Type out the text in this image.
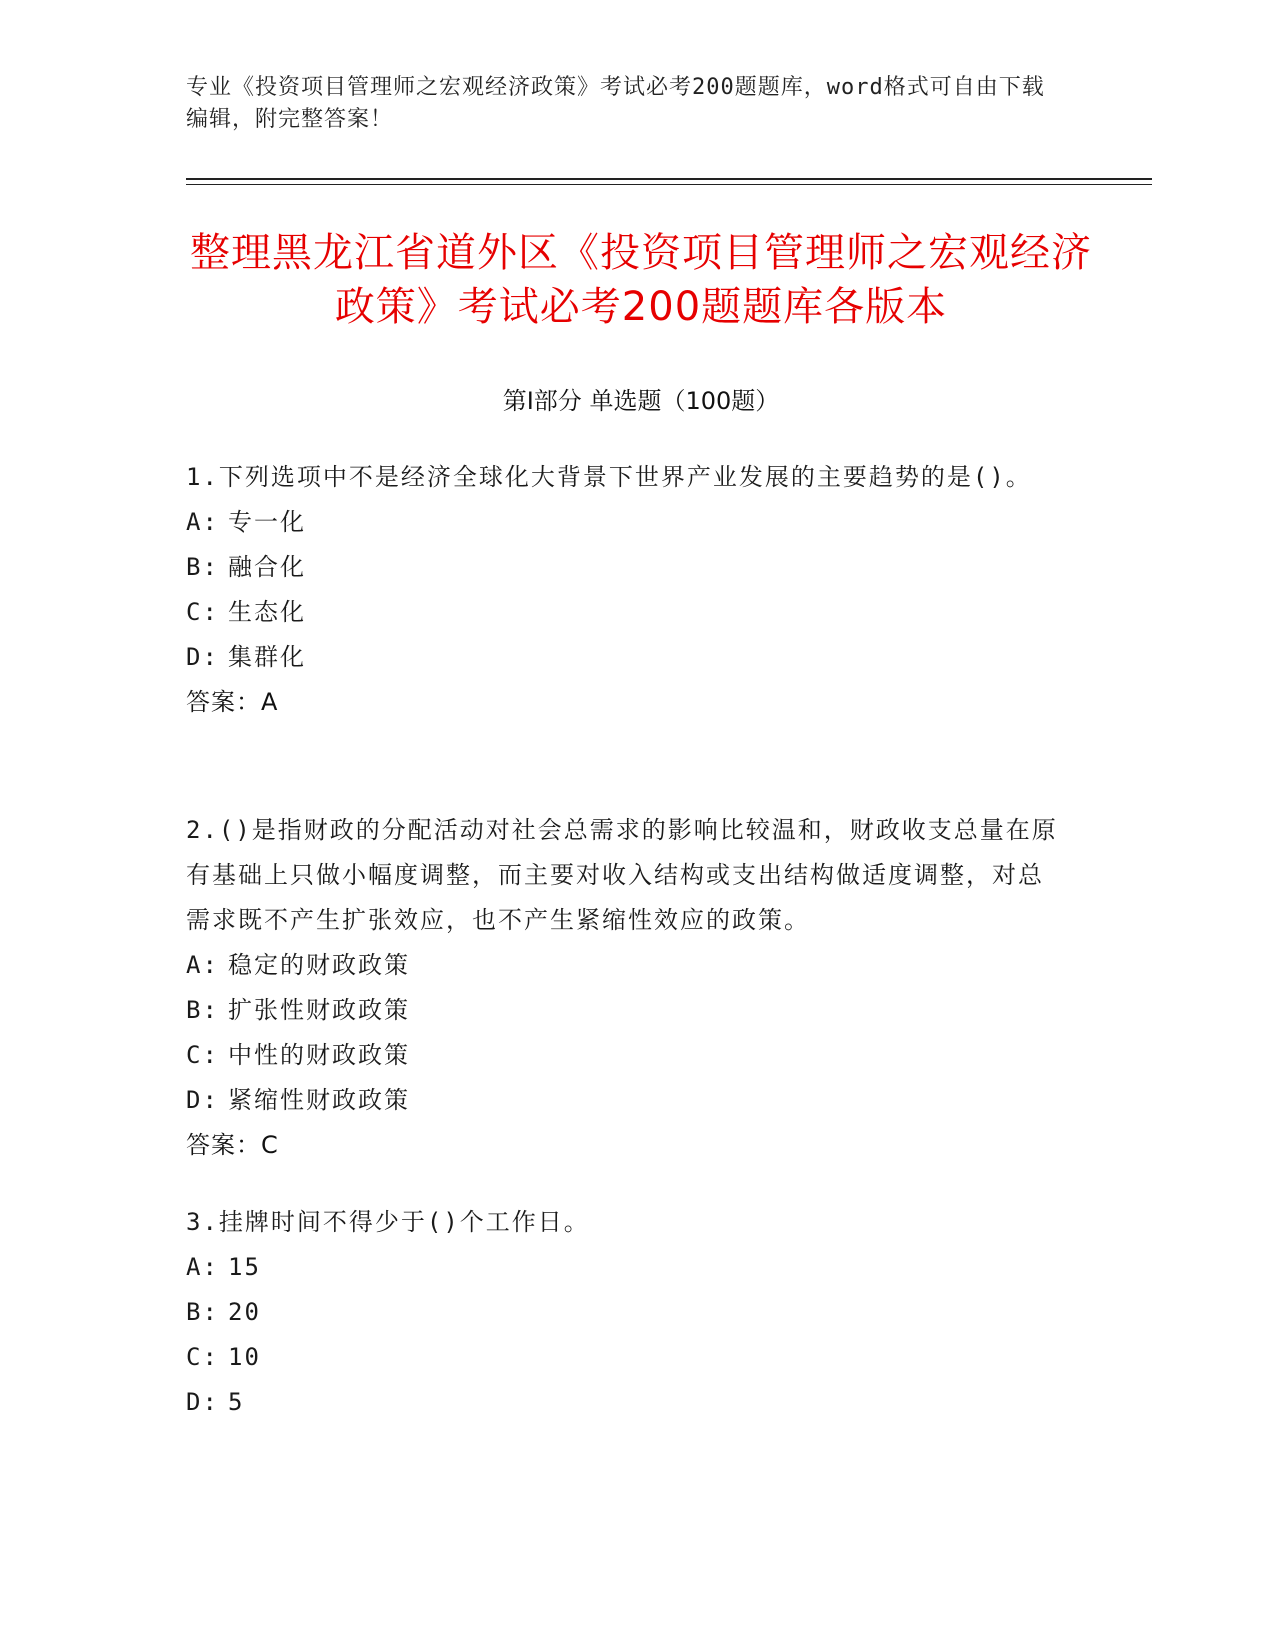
专业《投资项目管理师之宏观经济政策》考试必考200题题库，word格式可自由下载编辑，附完整答案！
整理黑龙江省道外区《投资项目管理师之宏观经济政策》考试必考200题题库各版本
第Ⅰ部分 单选题（100题）
1.下列选项中不是经济全球化大背景下世界产业发展的主要趋势的是()。
A: 专一化
B: 融合化
C: 生态化
D: 集群化
答案：A
2.()是指财政的分配活动对社会总需求的影响比较温和，财政收支总量在原有基础上只做小幅度调整，而主要对收入结构或支出结构做适度调整，对总需求既不产生扩张效应，也不产生紧缩性效应的政策。
A: 稳定的财政政策
B: 扩张性财政政策
C: 中性的财政政策
D: 紧缩性财政政策
答案：C
3.挂牌时间不得少于()个工作日。
A: 15
B: 20
C: 10
D: 5
